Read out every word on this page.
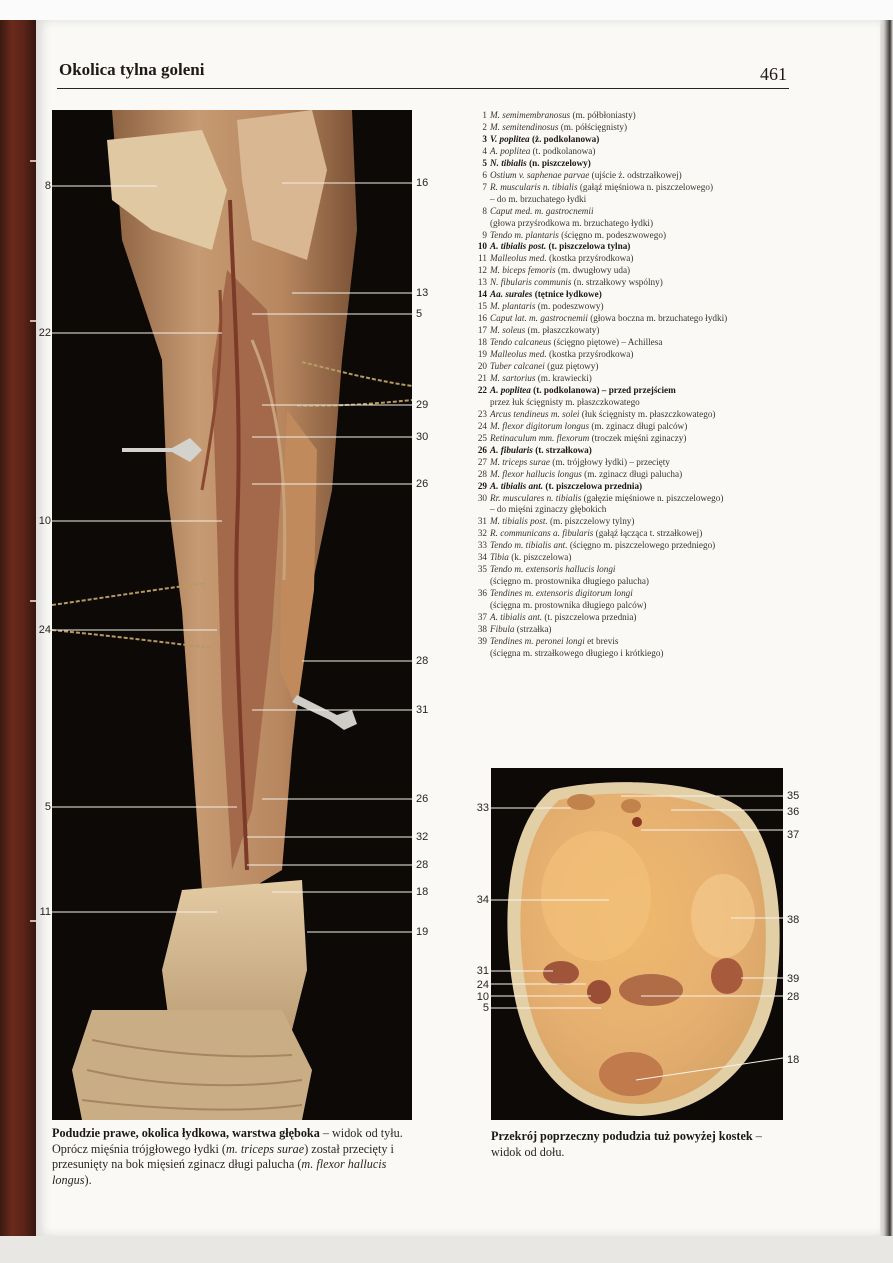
Okolica tylna goleni	461
8
22
10
24
5
11
16
13
5
29
30
26
28
31
26
32
28
18
19
1 M. semimembranosus (m. półbłoniasty)
2 M. semitendinosus (m. półścięgnisty)
3 V. poplitea (ż. podkolanowa)
4 A. poplitea (t. podkolanowa)
5 N. tibialis (n. piszczelowy)
6 Ostium v. saphenae parvae (ujście ż. odstrzałkowej)
7 R. muscularis n. tibialis (gałąź mięśniowa n. piszczelowego)
– do m. brzuchatego łydki
8 Caput med. m. gastrocnemii
(głowa przyśrodkowa m. brzuchatego łydki)
9 Tendo m. plantaris (ścięgno m. podeszwowego)
10 A. tibialis post. (t. piszczelowa tylna)
11 Malleolus med. (kostka przyśrodkowa)
12 M. biceps femoris (m. dwugłowy uda)
13 N. fibularis communis (n. strzałkowy wspólny)
14 Aa. surales (tętnice łydkowe)
15 M. plantaris (m. podeszwowy)
16 Caput lat. m. gastrocnemii (głowa boczna m. brzuchatego łydki)
17 M. soleus (m. płaszczkowaty)
18 Tendo calcaneus (ścięgno piętowe) – Achillesa
19 Malleolus med. (kostka przyśrodkowa)
20 Tuber calcanei (guz piętowy)
21 M. sartorius (m. krawiecki)
22 A. poplitea (t. podkolanowa) – przed przejściem
przez łuk ścięgnisty m. płaszczkowatego
23 Arcus tendineus m. solei (łuk ścięgnisty m. płaszczkowatego)
24 M. flexor digitorum longus (m. zginacz długi palców)
25 Retinaculum mm. flexorum (troczek mięśni zginaczy)
26 A. fibularis (t. strzałkowa)
27 M. triceps surae (m. trójgłowy łydki) – przecięty
28 M. flexor hallucis longus (m. zginacz długi palucha)
29 A. tibialis ant. (t. piszczelowa przednia)
30 Rr. musculares n. tibialis (gałęzie mięśniowe n. piszczelowego)
– do mięśni zginaczy głębokich
31 M. tibialis post. (m. piszczelowy tylny)
32 R. communicans a. fibularis (gałąź łącząca t. strzałkowej)
33 Tendo m. tibialis ant. (ścięgno m. piszczelowego przedniego)
34 Tibia (k. piszczelowa)
35 Tendo m. extensoris hallucis longi
(ścięgno m. prostownika długiego palucha)
36 Tendines m. extensoris digitorum longi
(ścięgna m. prostownika długiego palców)
37 A. tibialis ant. (t. piszczelowa przednia)
38 Fibula (strzałka)
39 Tendines m. peronei longi et brevis
(ścięgna m. strzałkowego długiego i krótkiego)
33
34
31
24
10
5
35
36
37
38
39
28
18
Podudzie prawe, okolica łydkowa, warstwa głęboka – widok od tyłu. Oprócz mięśnia trójgłowego łydki (m. triceps surae) został przecięty i przesunięty na bok mięsień zginacz długi palucha (m. flexor hallucis longus).
Przekrój poprzeczny podudzia tuż powyżej kostek – widok od dołu.
